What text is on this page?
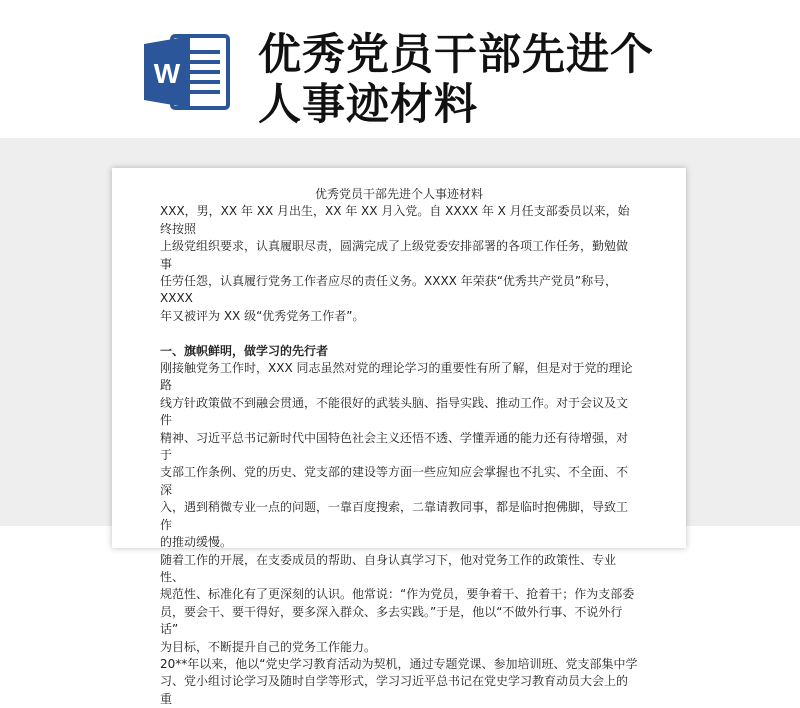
W 优秀党员干部先进个
人事迹材料

优秀党员干部先进个人事迹材料

XXX，男，XX 年 XX 月出生，XX 年 XX 月入党。自 XXXX 年 X 月任支部委员以来，始终按照

上级党组织要求，认真履职尽责，圆满完成了上级党委安排部署的各项工作任务，勤勉做事

任劳任怨，认真履行党务工作者应尽的责任义务。XXXX 年荣获“优秀共产党员”称号，XXXX

年又被评为 XX 级“优秀党务工作者”。

一、旗帜鲜明，做学习的先行者

刚接触党务工作时，XXX 同志虽然对党的理论学习的重要性有所了解，但是对于党的理论路

线方针政策做不到融会贯通，不能很好的武装头脑、指导实践、推动工作。对于会议及文件

精神、习近平总书记新时代中国特色社会主义还悟不透、学懂弄通的能力还有待增强，对于

支部工作条例、党的历史、党支部的建设等方面一些应知应会掌握也不扎实、不全面、不深

入，遇到稍微专业一点的问题，一靠百度搜索，二靠请教同事，都是临时抱佛脚，导致工作

的推动缓慢。

随着工作的开展，在支委成员的帮助、自身认真学习下，他对党务工作的政策性、专业性、

规范性、标准化有了更深刻的认识。他常说：“作为党员，要争着干、抢着干；作为支部委

员，要会干、要干得好，要多深入群众、多去实践。”于是，他以“不做外行事、不说外行话”

为目标，不断提升自己的党务工作能力。

20**年以来，他以“党史学习教育活动为契机，通过专题党课、参加培训班、党支部集中学

习、党小组讨论学习及随时自学等形式，学习习近平总书记在党史学习教育动员大会上的重
